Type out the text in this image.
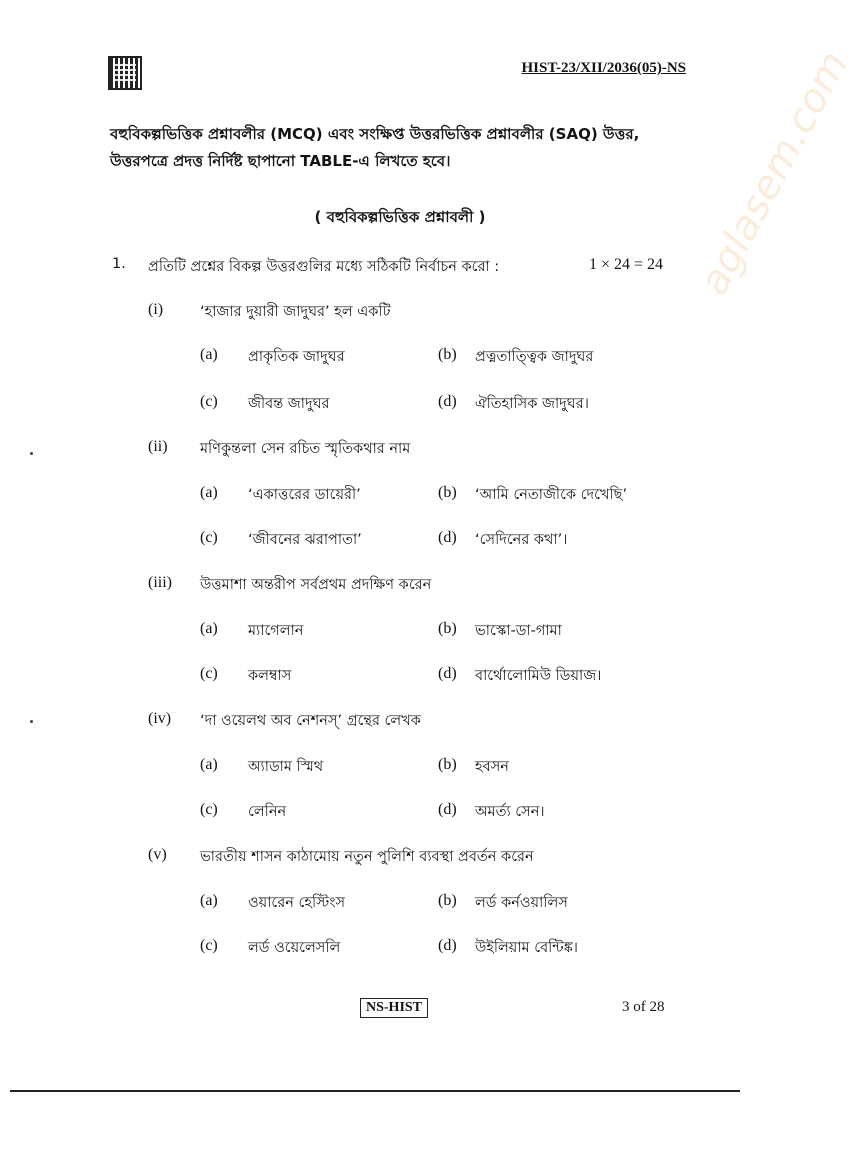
aglasem.com
HIST-23/XII/2036(05)-NS
বহুবিকল্পভিত্তিক প্রশ্নাবলীর (MCQ) এবং সংক্ষিপ্ত উত্তরভিত্তিক প্রশ্নাবলীর (SAQ) উত্তর,
উত্তরপত্রে প্রদত্ত নির্দিষ্ট ছাপানো TABLE-এ লিখতে হবে।
( বহুবিকল্পভিত্তিক প্রশ্নাবলী )
1. প্রতিটি প্রশ্নের বিকল্প উত্তরগুলির মধ্যে সঠিকটি নির্বাচন করো :	1 × 24 = 24
(i)	‘হাজার দুয়ারী জাদুঘর’ হল একটি
(a) প্রাকৃতিক জাদুঘর	(b) প্রত্নতাত্ত্বিক জাদুঘর
(c) জীবন্ত জাদুঘর	(d) ঐতিহাসিক জাদুঘর।
(ii) মণিকুন্তলা সেন রচিত স্মৃতিকথার নাম
(a) ‘একাত্তরের ডায়েরী’	(b) ‘আমি নেতাজীকে দেখেছি’
(c) ‘জীবনের ঝরাপাতা’	(d) ‘সেদিনের কথা’।
(iii) উত্তমাশা অন্তরীপ সর্বপ্রথম প্রদক্ষিণ করেন
(a) ম্যাগেলান	(b) ভাস্কো-ডা-গামা
(c) কলম্বাস	(d) বার্থোলোমিউ ডিয়াজ।
(iv) ‘দা ওয়েলথ অব নেশনস্’ গ্রন্থের লেখক
(a) অ্যাডাম স্মিথ	(b) হবসন
(c) লেনিন	(d) অমর্ত্য সেন।
(v) ভারতীয় শাসন কাঠামোয় নতুন পুলিশি ব্যবস্থা প্রবর্তন করেন
(a) ওয়ারেন হেস্টিংস	(b) লর্ড কর্নওয়ালিস
(c) লর্ড ওয়েলেসলি	(d) উইলিয়াম বেন্টিঙ্ক।
NS-HIST	3 of 28
